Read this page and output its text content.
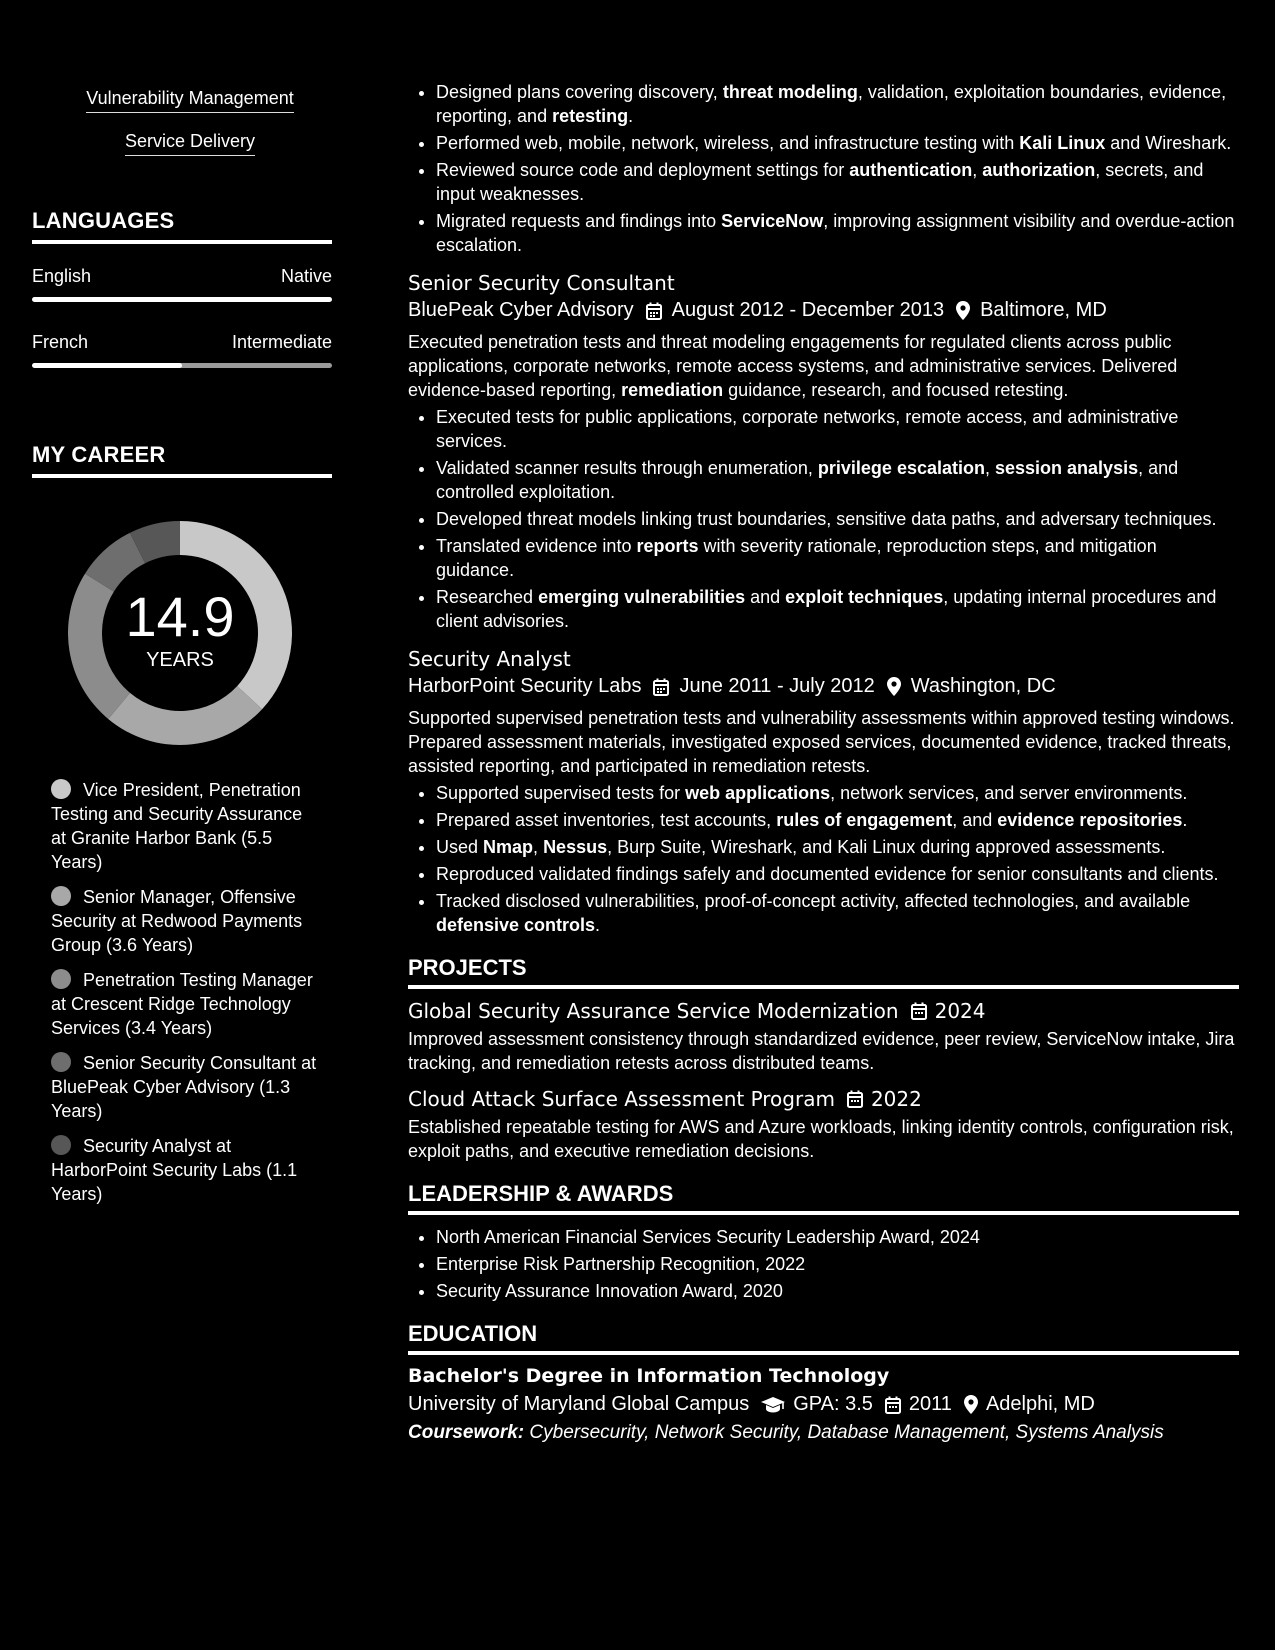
Vulnerability Management
Service Delivery
LANGUAGES
English	Native
French	Intermediate
MY CAREER
14.9
YEARS
Vice President, Penetration Testing and Security Assurance at Granite Harbor Bank (5.5 Years)
Senior Manager, Offensive Security at Redwood Payments Group (3.6 Years)
Penetration Testing Manager at Crescent Ridge Technology Services (3.4 Years)
Senior Security Consultant at BluePeak Cyber Advisory (1.3 Years)
Security Analyst at HarborPoint Security Labs (1.1 Years)
• Designed plans covering discovery, threat modeling, validation, exploitation boundaries, evidence, reporting, and retesting.
• Performed web, mobile, network, wireless, and infrastructure testing with Kali Linux and Wireshark.
• Reviewed source code and deployment settings for authentication, authorization, secrets, and input weaknesses.
• Migrated requests and findings into ServiceNow, improving assignment visibility and overdue-action escalation.
Senior Security Consultant
BluePeak Cyber Advisory August 2012 - December 2013 Baltimore, MD
Executed penetration tests and threat modeling engagements for regulated clients across public applications, corporate networks, remote access systems, and administrative services. Delivered evidence-based reporting, remediation guidance, research, and focused retesting.
• Executed tests for public applications, corporate networks, remote access, and administrative services.
• Validated scanner results through enumeration, privilege escalation, session analysis, and controlled exploitation.
• Developed threat models linking trust boundaries, sensitive data paths, and adversary techniques.
• Translated evidence into reports with severity rationale, reproduction steps, and mitigation guidance.
• Researched emerging vulnerabilities and exploit techniques, updating internal procedures and client advisories.
Security Analyst
HarborPoint Security Labs June 2011 - July 2012 Washington, DC
Supported supervised penetration tests and vulnerability assessments within approved testing windows. Prepared assessment materials, investigated exposed services, documented evidence, tracked threats, assisted reporting, and participated in remediation retests.
• Supported supervised tests for web applications, network services, and server environments.
• Prepared asset inventories, test accounts, rules of engagement, and evidence repositories.
• Used Nmap, Nessus, Burp Suite, Wireshark, and Kali Linux during approved assessments.
• Reproduced validated findings safely and documented evidence for senior consultants and clients.
• Tracked disclosed vulnerabilities, proof-of-concept activity, affected technologies, and available defensive controls.
PROJECTS
Global Security Assurance Service Modernization 2024
Improved assessment consistency through standardized evidence, peer review, ServiceNow intake, Jira tracking, and remediation retests across distributed teams.
Cloud Attack Surface Assessment Program 2022
Established repeatable testing for AWS and Azure workloads, linking identity controls, configuration risk, exploit paths, and executive remediation decisions.
LEADERSHIP & AWARDS
• North American Financial Services Security Leadership Award, 2024
• Enterprise Risk Partnership Recognition, 2022
• Security Assurance Innovation Award, 2020
EDUCATION
Bachelor's Degree in Information Technology
University of Maryland Global Campus GPA: 3.5 2011 Adelphi, MD
Coursework: Cybersecurity, Network Security, Database Management, Systems Analysis
